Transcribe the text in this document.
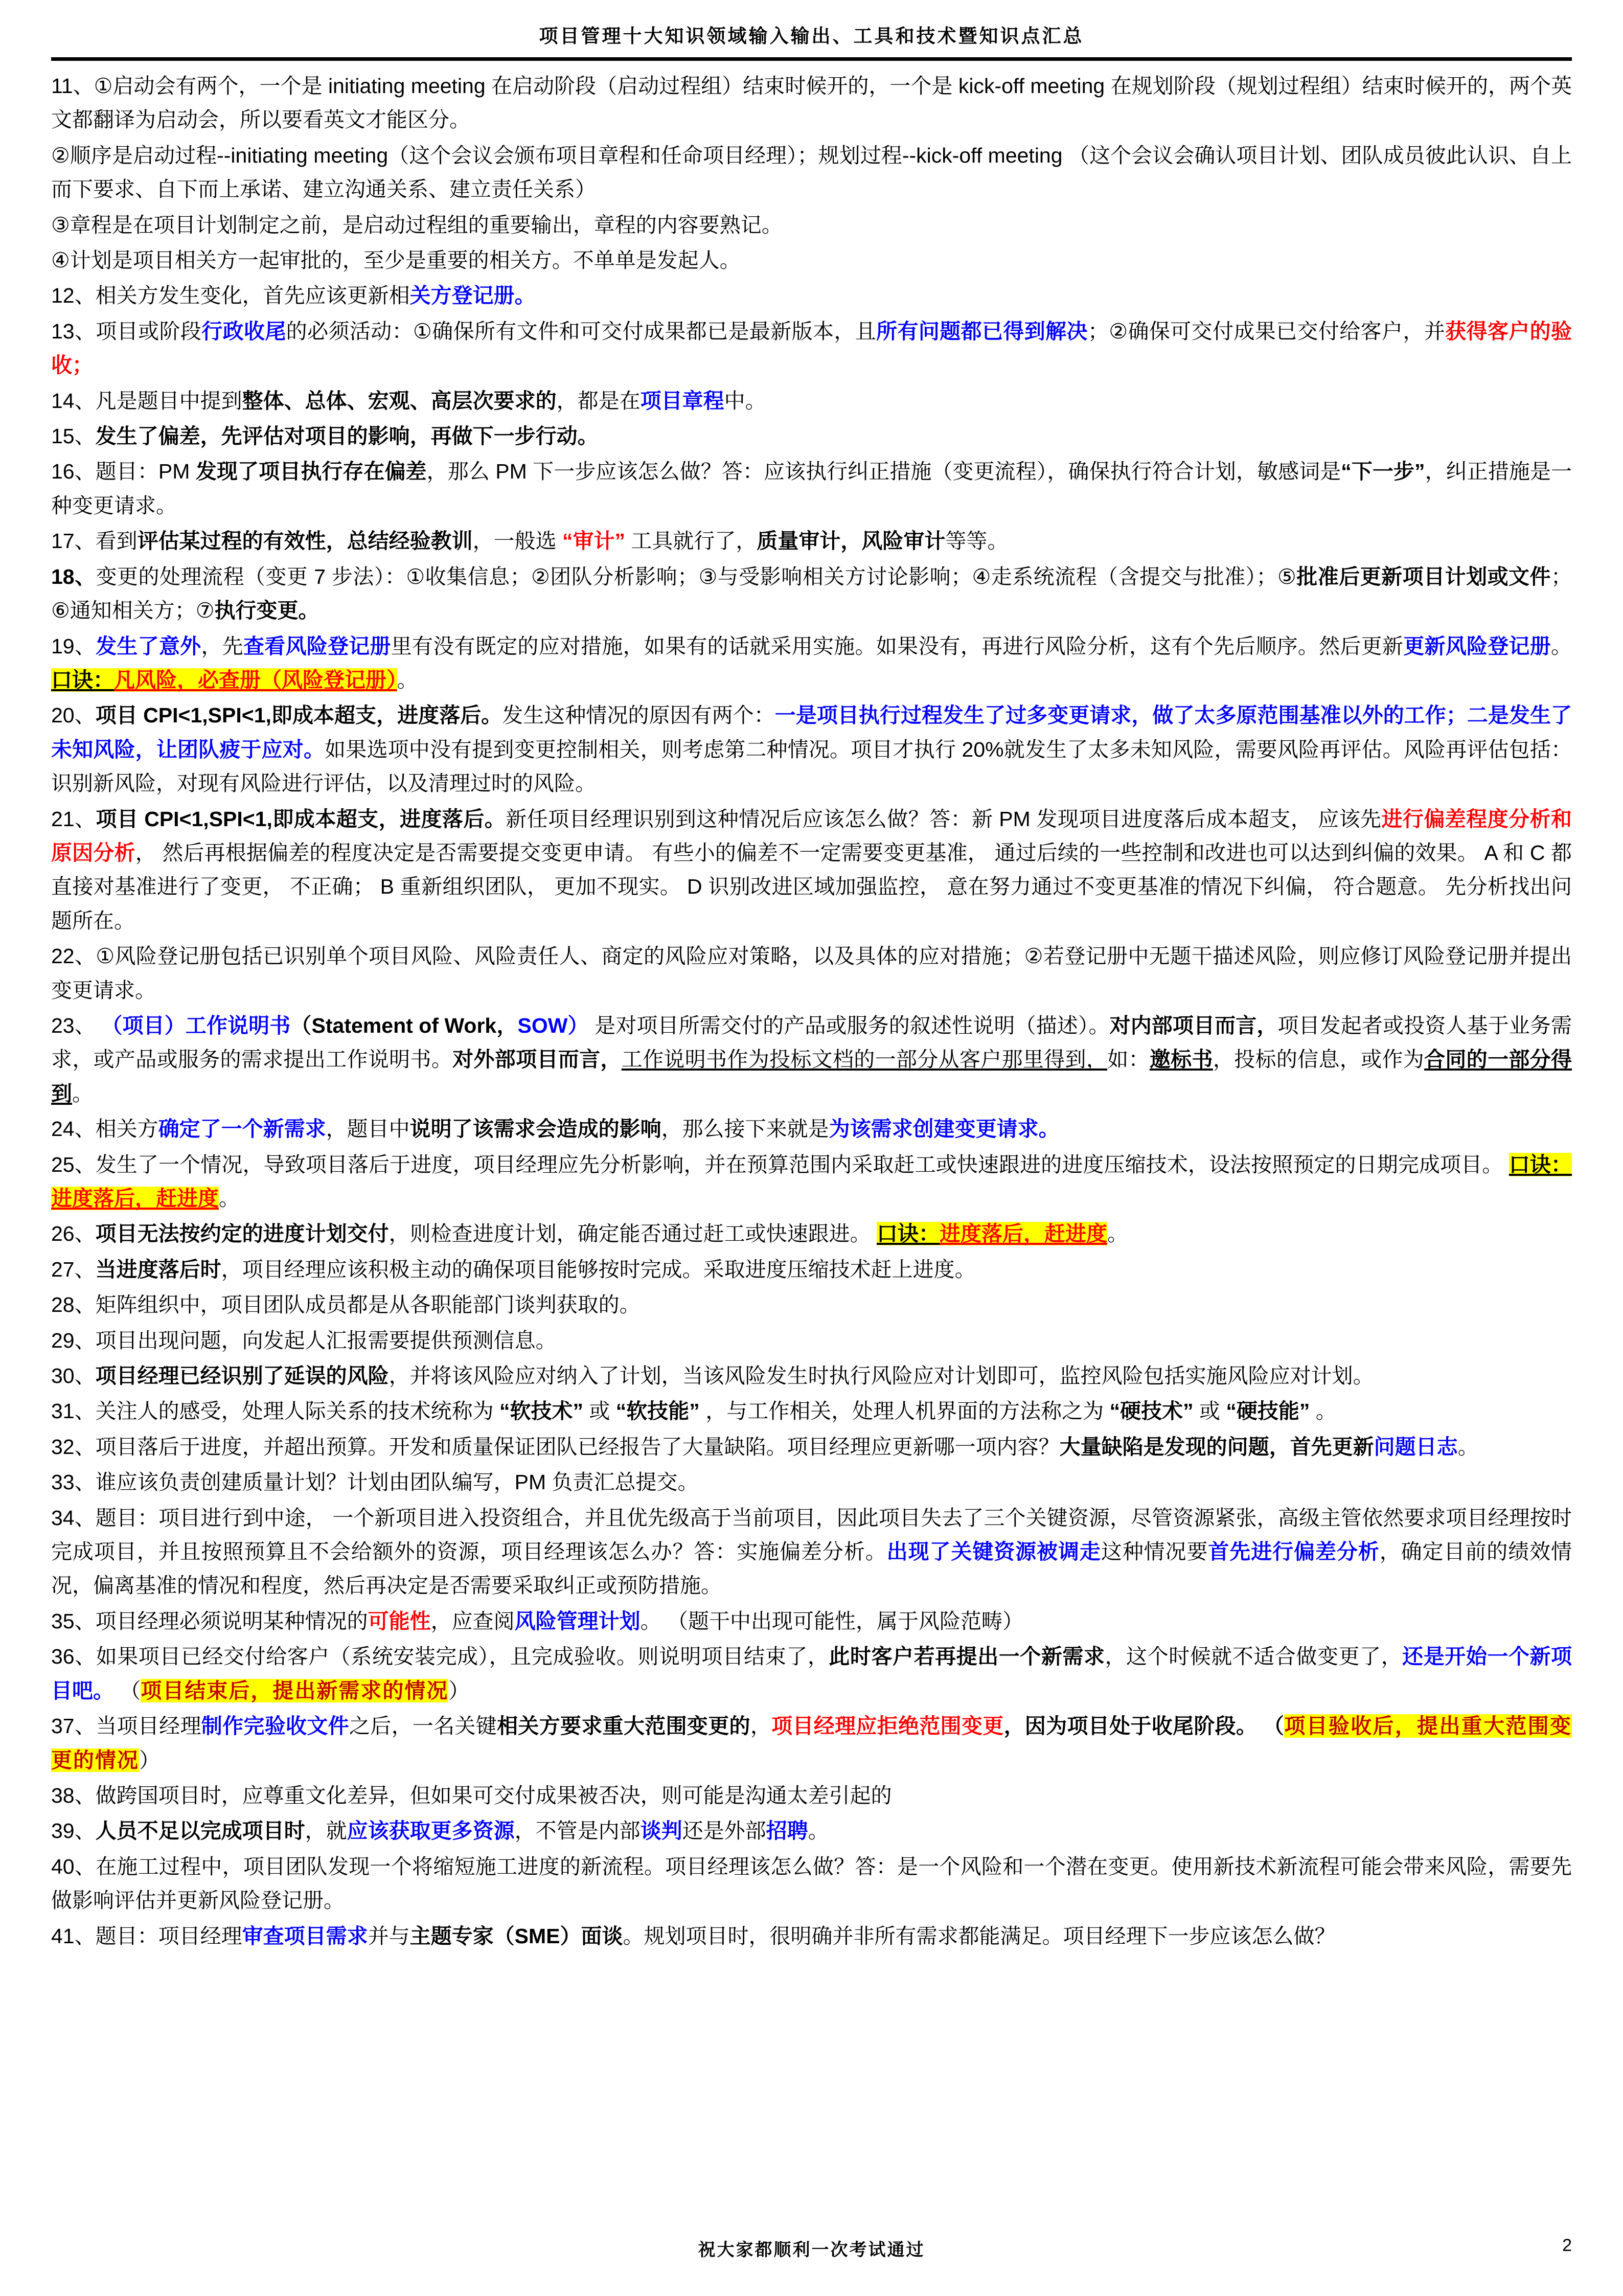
项目管理十大知识领域输入输出、工具和技术暨知识点汇总

11、①启动会有两个，一个是 initiating meeting 在启动阶段（启动过程组）结束时候开的，一个是 kick-off meeting 在规划阶段（规划过程组）结束时候开的，两个英文都翻译为启动会，所以要看英文才能区分。

②顺序是启动过程--initiating meeting（这个会议会颁布项目章程和任命项目经理）；规划过程--kick-off meeting （这个会议会确认项目计划、团队成员彼此认识、自上而下要求、自下而上承诺、建立沟通关系、建立责任关系）

③章程是在项目计划制定之前，是启动过程组的重要输出，章程的内容要熟记。

④计划是项目相关方一起审批的，至少是重要的相关方。不单单是发起人。

12、相关方发生变化，首先应该更新相关方登记册。

13、项目或阶段行政收尾的必须活动：①确保所有文件和可交付成果都已是最新版本，且所有问题都已得到解决；②确保可交付成果已交付给客户，并获得客户的验收；

14、凡是题目中提到整体、总体、宏观、高层次要求的，都是在项目章程中。

15、发生了偏差，先评估对项目的影响，再做下一步行动。

16、题目：PM 发现了项目执行存在偏差，那么 PM 下一步应该怎么做？答：应该执行纠正措施（变更流程），确保执行符合计划，敏感词是“下一步”，纠正措施是一种变更请求。

17、看到评估某过程的有效性，总结经验教训，一般选 “审计” 工具就行了，质量审计，风险审计等等。

18、变更的处理流程（变更 7 步法）：①收集信息；②团队分析影响；③与受影响相关方讨论影响；④走系统流程（含提交与批准）；⑤批准后更新项目计划或文件；⑥通知相关方；⑦执行变更。

19、发生了意外，先查看风险登记册里有没有既定的应对措施，如果有的话就采用实施。如果没有，再进行风险分析，这有个先后顺序。然后更新更新风险登记册。 口诀：凡风险，必查册（风险登记册）。

20、项目 CPI<1,SPI<1,即成本超支，进度落后。发生这种情况的原因有两个：一是项目执行过程发生了过多变更请求，做了太多原范围基准以外的工作；二是发生了未知风险，让团队疲于应对。如果选项中没有提到变更控制相关，则考虑第二种情况。项目才执行 20%就发生了太多未知风险，需要风险再评估。风险再评估包括：识别新风险，对现有风险进行评估，以及清理过时的风险。

21、项目 CPI<1,SPI<1,即成本超支，进度落后。新任项目经理识别到这种情况后应该怎么做？答：新 PM 发现项目进度落后成本超支， 应该先进行偏差程度分析和原因分析， 然后再根据偏差的程度决定是否需要提交变更申请。 有些小的偏差不一定需要变更基准， 通过后续的一些控制和改进也可以达到纠偏的效果。 A 和 C 都直接对基准进行了变更， 不正确； B 重新组织团队， 更加不现实。 D 识别改进区域加强监控， 意在努力通过不变更基准的情况下纠偏， 符合题意。 先分析找出问题所在。

22、①风险登记册包括已识别单个项目风险、风险责任人、商定的风险应对策略，以及具体的应对措施；②若登记册中无题干描述风险，则应修订风险登记册并提出变更请求。

23、 （项目）工作说明书（Statement of Work，SOW） 是对项目所需交付的产品或服务的叙述性说明（描述）。对内部项目而言，项目发起者或投资人基于业务需求，或产品或服务的需求提出工作说明书。对外部项目而言，工作说明书作为投标文档的一部分从客户那里得到，如：邀标书，投标的信息，或作为合同的一部分得到。

24、相关方确定了一个新需求，题目中说明了该需求会造成的影响，那么接下来就是为该需求创建变更请求。

25、发生了一个情况，导致项目落后于进度，项目经理应先分析影响，并在预算范围内采取赶工或快速跟进的进度压缩技术，设法按照预定的日期完成项目。 口诀：进度落后，赶进度。

26、项目无法按约定的进度计划交付，则检查进度计划，确定能否通过赶工或快速跟进。 口诀：进度落后，赶进度。

27、当进度落后时，项目经理应该积极主动的确保项目能够按时完成。采取进度压缩技术赶上进度。

28、矩阵组织中，项目团队成员都是从各职能部门谈判获取的。

29、项目出现问题，向发起人汇报需要提供预测信息。

30、项目经理已经识别了延误的风险，并将该风险应对纳入了计划，当该风险发生时执行风险应对计划即可，监控风险包括实施风险应对计划。

31、关注人的感受，处理人际关系的技术统称为 “软技术” 或 “软技能” ，与工作相关，处理人机界面的方法称之为 “硬技术” 或 “硬技能” 。

32、项目落后于进度，并超出预算。开发和质量保证团队已经报告了大量缺陷。项目经理应更新哪一项内容？大量缺陷是发现的问题，首先更新问题日志。

33、谁应该负责创建质量计划？计划由团队编写，PM 负责汇总提交。

34、题目：项目进行到中途， 一个新项目进入投资组合，并且优先级高于当前项目，因此项目失去了三个关键资源，尽管资源紧张，高级主管依然要求项目经理按时完成项目，并且按照预算且不会给额外的资源，项目经理该怎么办？答：实施偏差分析。出现了关键资源被调走这种情况要首先进行偏差分析，确定目前的绩效情况，偏离基准的情况和程度，然后再决定是否需要采取纠正或预防措施。

35、项目经理必须说明某种情况的可能性，应查阅风险管理计划。 （题干中出现可能性，属于风险范畴）

36、如果项目已经交付给客户（系统安装完成），且完成验收。则说明项目结束了，此时客户若再提出一个新需求，这个时候就不适合做变更了，还是开始一个新项目吧。 （项目结束后，提出新需求的情况）

37、当项目经理制作完验收文件之后，一名关键相关方要求重大范围变更的，项目经理应拒绝范围变更，因为项目处于收尾阶段。 （项目验收后，提出重大范围变更的情况）

38、做跨国项目时，应尊重文化差异，但如果可交付成果被否决，则可能是沟通太差引起的

39、人员不足以完成项目时，就应该获取更多资源，不管是内部谈判还是外部招聘。

40、在施工过程中，项目团队发现一个将缩短施工进度的新流程。项目经理该怎么做？答：是一个风险和一个潜在变更。使用新技术新流程可能会带来风险，需要先做影响评估并更新风险登记册。

41、题目：项目经理审查项目需求并与主题专家（SME）面谈。规划项目时，很明确并非所有需求都能满足。项目经理下一步应该怎么做？

祝大家都顺利一次考试通过	2
